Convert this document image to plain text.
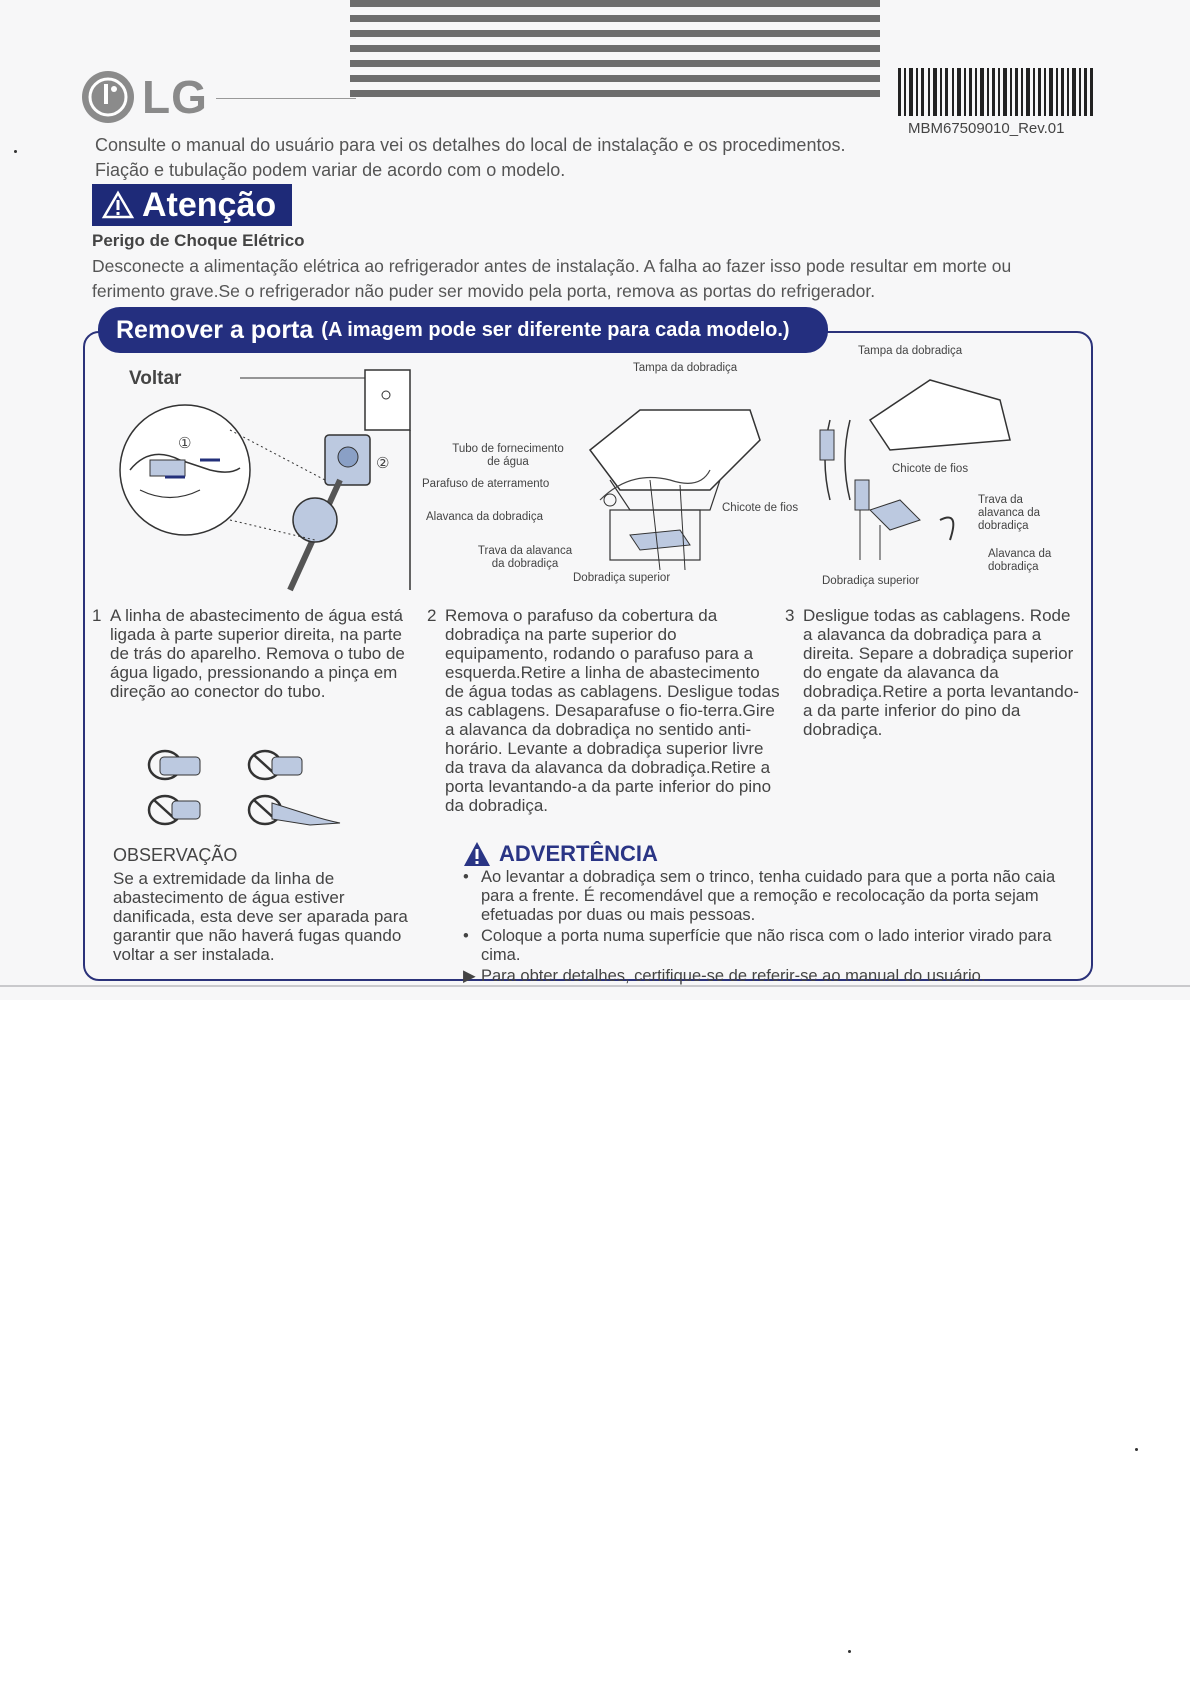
LG
MBM67509010_Rev.01
Consulte o manual do usuário para vei os detalhes do local de instalação e os procedimentos.
Fiação e tubulação podem variar de acordo com o modelo.
Atenção
Perigo de Choque Elétrico
Desconecte a alimentação elétrica ao refrigerador antes de instalação. A falha ao fazer isso pode resultar em morte ou ferimento grave.Se o refrigerador não puder ser movido pela porta, remova as portas do refrigerador.
Remover a porta (A imagem pode ser diferente para cada modelo.)
Voltar
①
②
Tampa da dobradiça
Tubo de fornecimento de água
Parafuso de aterramento
Alavanca da dobradiça
Chicote de fios
Trava da alavanca da dobradiça
Dobradiça superior
Tampa da dobradiça
Chicote de fios
Trava da alavanca da dobradiça
Alavanca da dobradiça
Dobradiça superior
1 A linha de abastecimento de água está ligada à parte superior direita, na parte de trás do aparelho. Remova o tubo de água ligado, pressionando a pinça em direção ao conector do tubo.
2 Remova o parafuso da cobertura da dobradiça na parte superior do equipamento, rodando o parafuso para a esquerda.Retire a linha de abastecimento de água todas as cablagens. Desligue todas as cablagens. Desaparafuse o fio-terra.Gire a alavanca da dobradiça no sentido anti-horário. Levante a dobradiça superior livre da trava da alavanca da dobradiça.Retire a porta levantando-a da parte inferior do pino da dobradiça.
3 Desligue todas as cablagens. Rode a alavanca da dobradiça para a direita. Separe a dobradiça superior do engate da alavanca da dobradiça.Retire a porta levantando-a da parte inferior do pino da dobradiça.
OBSERVAÇÃO
Se a extremidade da linha de abastecimento de água estiver danificada, esta deve ser aparada para garantir que não haverá fugas quando voltar a ser instalada.
ADVERTÊNCIA
• Ao levantar a dobradiça sem o trinco, tenha cuidado para que a porta não caia para a frente. É recomendável que a remoção e recolocação da porta sejam efetuadas por duas ou mais pessoas.
• Coloque a porta numa superfície que não risca com o lado interior virado para cima.
▶ Para obter detalhes, certifique-se de referir-se ao manual do usuário.
